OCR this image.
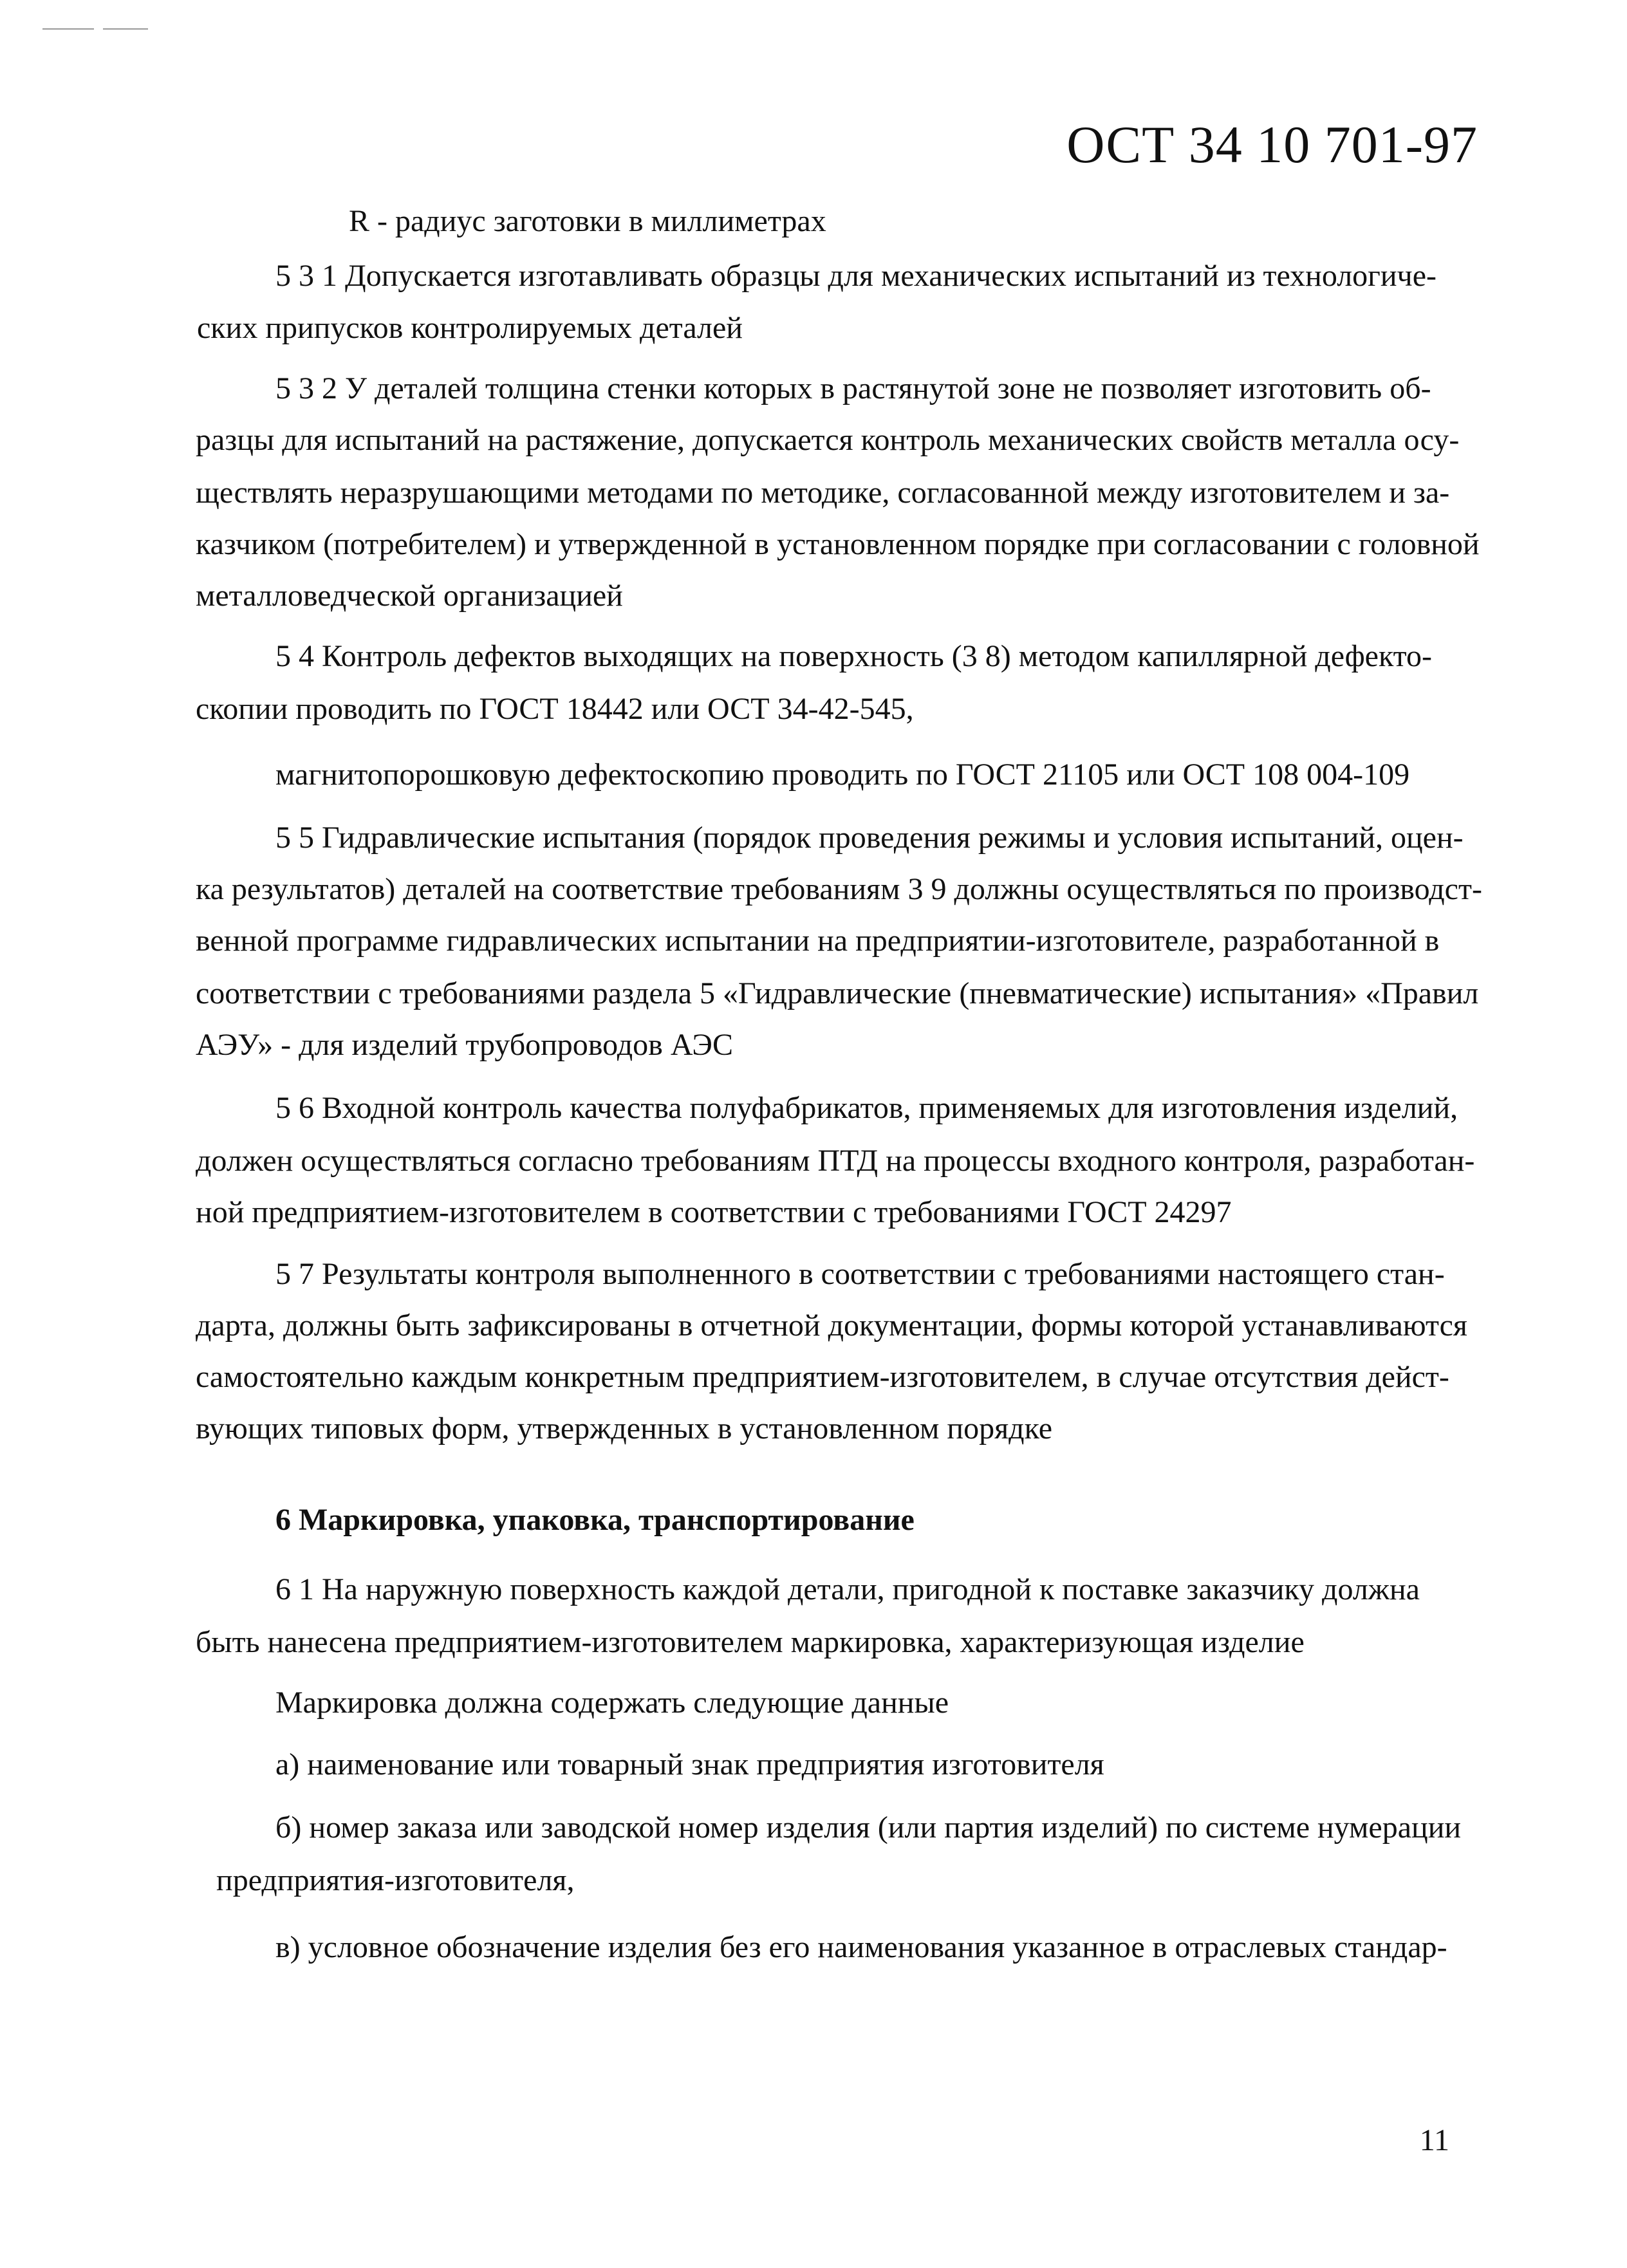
ОСТ 34 10 701-97
R - радиус заготовки в миллиметрах
5 3 1 Допускается изготавливать образцы для механических испытаний из технологиче-
ских припусков контролируемых деталей
5 3 2 У деталей толщина стенки которых в растянутой зоне не позволяет изготовить об-
разцы для испытаний на растяжение, допускается контроль механических свойств металла осу-
ществлять неразрушающими методами по методике, согласованной между изготовителем и за-
казчиком (потребителем) и утвержденной в установленном порядке при согласовании с головной
металловедческой организацией
5 4 Контроль дефектов выходящих на поверхность (3 8) методом капиллярной дефекто-
скопии проводить по ГОСТ 18442 или ОСТ 34-42-545,
магнитопорошковую дефектоскопию проводить по ГОСТ 21105 или ОСТ 108 004-109
5 5 Гидравлические испытания (порядок проведения режимы и условия испытаний, оцен-
ка результатов) деталей на соответствие требованиям 3 9 должны осуществляться по производст-
венной программе гидравлических испытании на предприятии-изготовителе, разработанной в
соответствии с требованиями раздела 5 «Гидравлические (пневматические) испытания» «Правил
АЭУ» - для изделий трубопроводов АЭС
5 6 Входной контроль качества полуфабрикатов, применяемых для изготовления изделий,
должен осуществляться согласно требованиям ПТД на процессы входного контроля, разработан-
ной предприятием-изготовителем в соответствии с требованиями ГОСТ 24297
5 7 Результаты контроля выполненного в соответствии с требованиями настоящего стан-
дарта, должны быть зафиксированы в отчетной документации, формы которой устанавливаются
самостоятельно каждым конкретным предприятием-изготовителем, в случае отсутствия дейст-
вующих типовых форм, утвержденных в установленном порядке
6 Маркировка, упаковка, транспортирование
6 1 На наружную поверхность каждой детали, пригодной к поставке заказчику должна
быть нанесена предприятием-изготовителем маркировка, характеризующая изделие
Маркировка должна содержать следующие данные
а) наименование или товарный знак предприятия изготовителя
б) номер заказа или заводской номер изделия (или партия изделий) по системе нумерации
предприятия-изготовителя,
в) условное обозначение изделия без его наименования указанное в отраслевых стандар-
11
